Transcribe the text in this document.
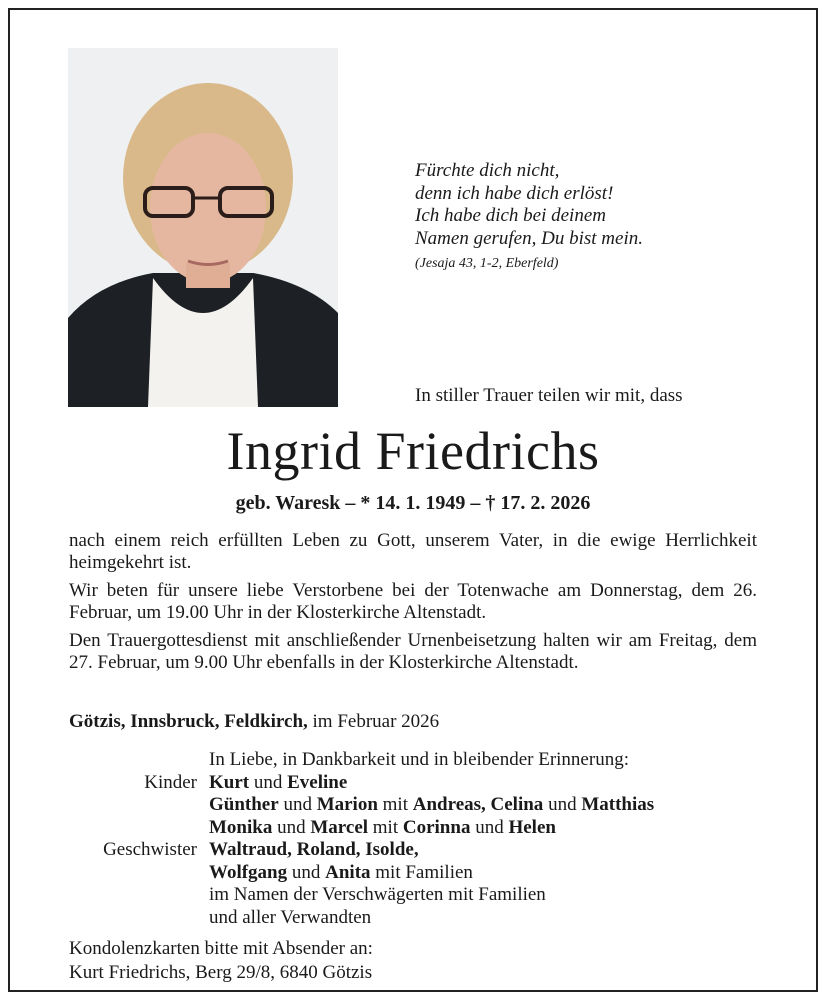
Fürchte dich nicht,
denn ich habe dich erlöst!
Ich habe dich bei deinem
Namen gerufen, Du bist mein.
(Jesaja 43, 1-2, Eberfeld)
In stiller Trauer teilen wir mit, dass
Ingrid Friedrichs
geb. Waresk – * 14. 1. 1949 – † 17. 2. 2026

nach einem reich erfüllten Leben zu Gott, unserem Vater, in die ewige Herrlichkeit heimgekehrt ist.

Wir beten für unsere liebe Verstorbene bei der Totenwache am Donnerstag, dem 26. Februar, um 19.00 Uhr in der Klosterkirche Altenstadt.

Den Trauergottesdienst mit anschließender Urnenbeisetzung halten wir am Freitag, dem 27. Februar, um 9.00 Uhr ebenfalls in der Klosterkirche Altenstadt.

Götzis, Innsbruck, Feldkirch, im Februar 2026
In Liebe, in Dankbarkeit und in bleibender Erinnerung:
Kinder Kurt und Eveline
Günther und Marion mit Andreas, Celina und Matthias
Monika und Marcel mit Corinna und Helen
Geschwister Waltraud, Roland, Isolde,
Wolfgang und Anita mit Familien
im Namen der Verschwägerten mit Familien
und aller Verwandten
Kondolenzkarten bitte mit Absender an:
Kurt Friedrichs, Berg 29/8, 6840 Götzis
